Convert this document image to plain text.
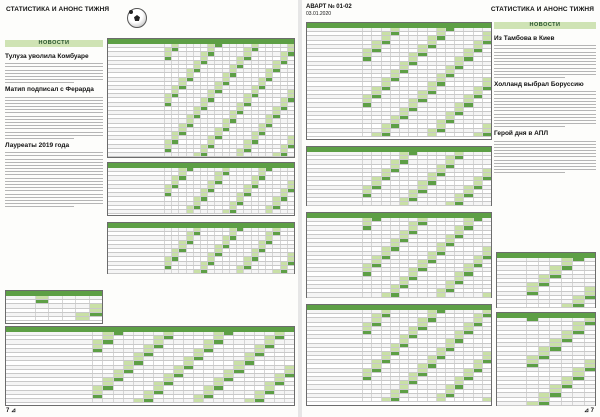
СТАТИСТИКА И АНОНС ТИЖНЯ
НОВОСТИ
Тулуза уволила Комбуаре
Матип подписал с Ферарда
Лауреаты 2019 года
7 ⊿
АВАРТ № 01-02
03.01.2020
СТАТИСТИКА И АНОНС ТИЖНЯ
НОВОСТИ
Из Тамбова в Киев
Холланд выбрал Боруссию
Герой дня в АПЛ
⊿ 7
